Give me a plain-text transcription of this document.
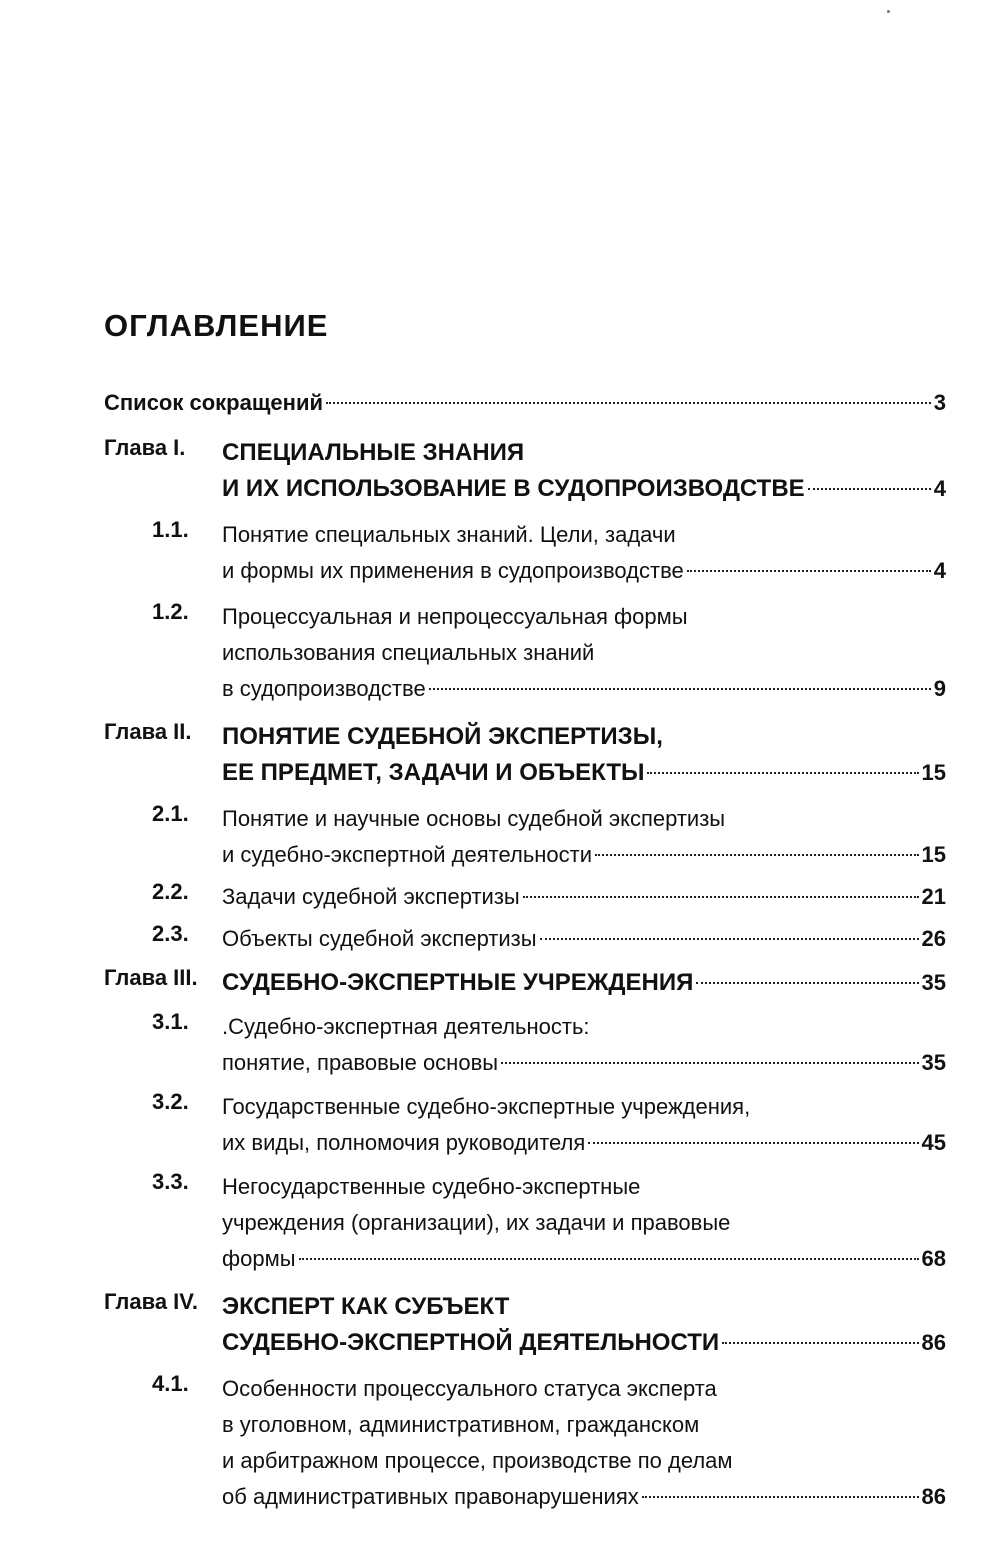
ОГЛАВЛЕНИЕ
Список сокращений	3
Глава I.	СПЕЦИАЛЬНЫЕ ЗНАНИЯ
И ИХ ИСПОЛЬЗОВАНИЕ В СУДОПРОИЗВОДСТВЕ	4
1.1.	Понятие специальных знаний. Цели, задачи
и формы их применения в судопроизводстве	4
1.2.	Процессуальная и непроцессуальная формы
использования специальных знаний
в судопроизводстве	9
Глава II.	ПОНЯТИЕ СУДЕБНОЙ ЭКСПЕРТИЗЫ,
ЕЕ ПРЕДМЕТ, ЗАДАЧИ И ОБЪЕКТЫ	15
2.1.	Понятие и научные основы судебной экспертизы
и судебно-экспертной деятельности	15
2.2.	Задачи судебной экспертизы	21
2.3.	Объекты судебной экспертизы	26
Глава III.	СУДЕБНО-ЭКСПЕРТНЫЕ УЧРЕЖДЕНИЯ	35
3.1.	.Судебно-экспертная деятельность:
понятие, правовые основы	35
3.2.	Государственные судебно-экспертные учреждения,
их виды, полномочия руководителя	45
3.3.	Негосударственные судебно-экспертные
учреждения (организации), их задачи и правовые
формы	68
Глава IV. ЭКСПЕРТ КАК СУБЪЕКТ
СУДЕБНО-ЭКСПЕРТНОЙ ДЕЯТЕЛЬНОСТИ	86
4.1.	Особенности процессуального статуса эксперта
в уголовном, административном, гражданском
и арбитражном процессе, производстве по делам
об административных правонарушениях	86
